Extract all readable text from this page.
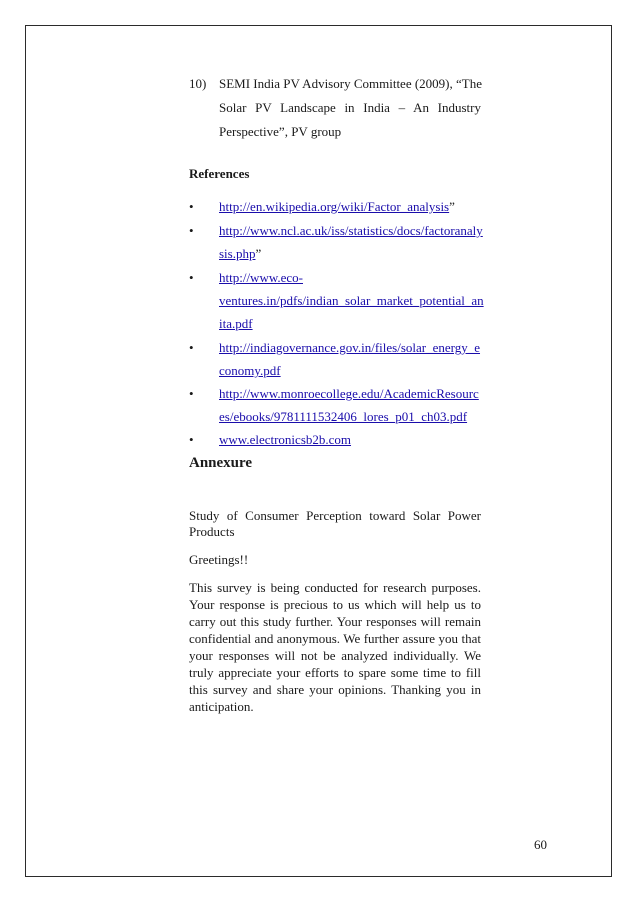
10) SEMI India PV Advisory Committee (2009), “The
Solar PV Landscape in India – An Industry
Perspective”, PV group
References
• http://en.wikipedia.org/wiki/Factor_analysis”
• http://www.ncl.ac.uk/iss/statistics/docs/factoranaly
sis.php”
• http://www.eco-
ventures.in/pdfs/indian_solar_market_potential_an
ita.pdf
• http://indiagovernance.gov.in/files/solar_energy_e
conomy.pdf
• http://www.monroecollege.edu/AcademicResourc
es/ebooks/9781111532406_lores_p01_ch03.pdf
• www.electronicsb2b.com
Annexure
Study of Consumer Perception toward Solar Power
Products
Greetings!!
This survey is being conducted for research purposes.
Your response is precious to us which will help us to
carry out this study further. Your responses will remain
confidential and anonymous. We further assure you that
your responses will not be analyzed individually. We
truly appreciate your efforts to spare some time to fill
this survey and share your opinions. Thanking you in
anticipation.
60
